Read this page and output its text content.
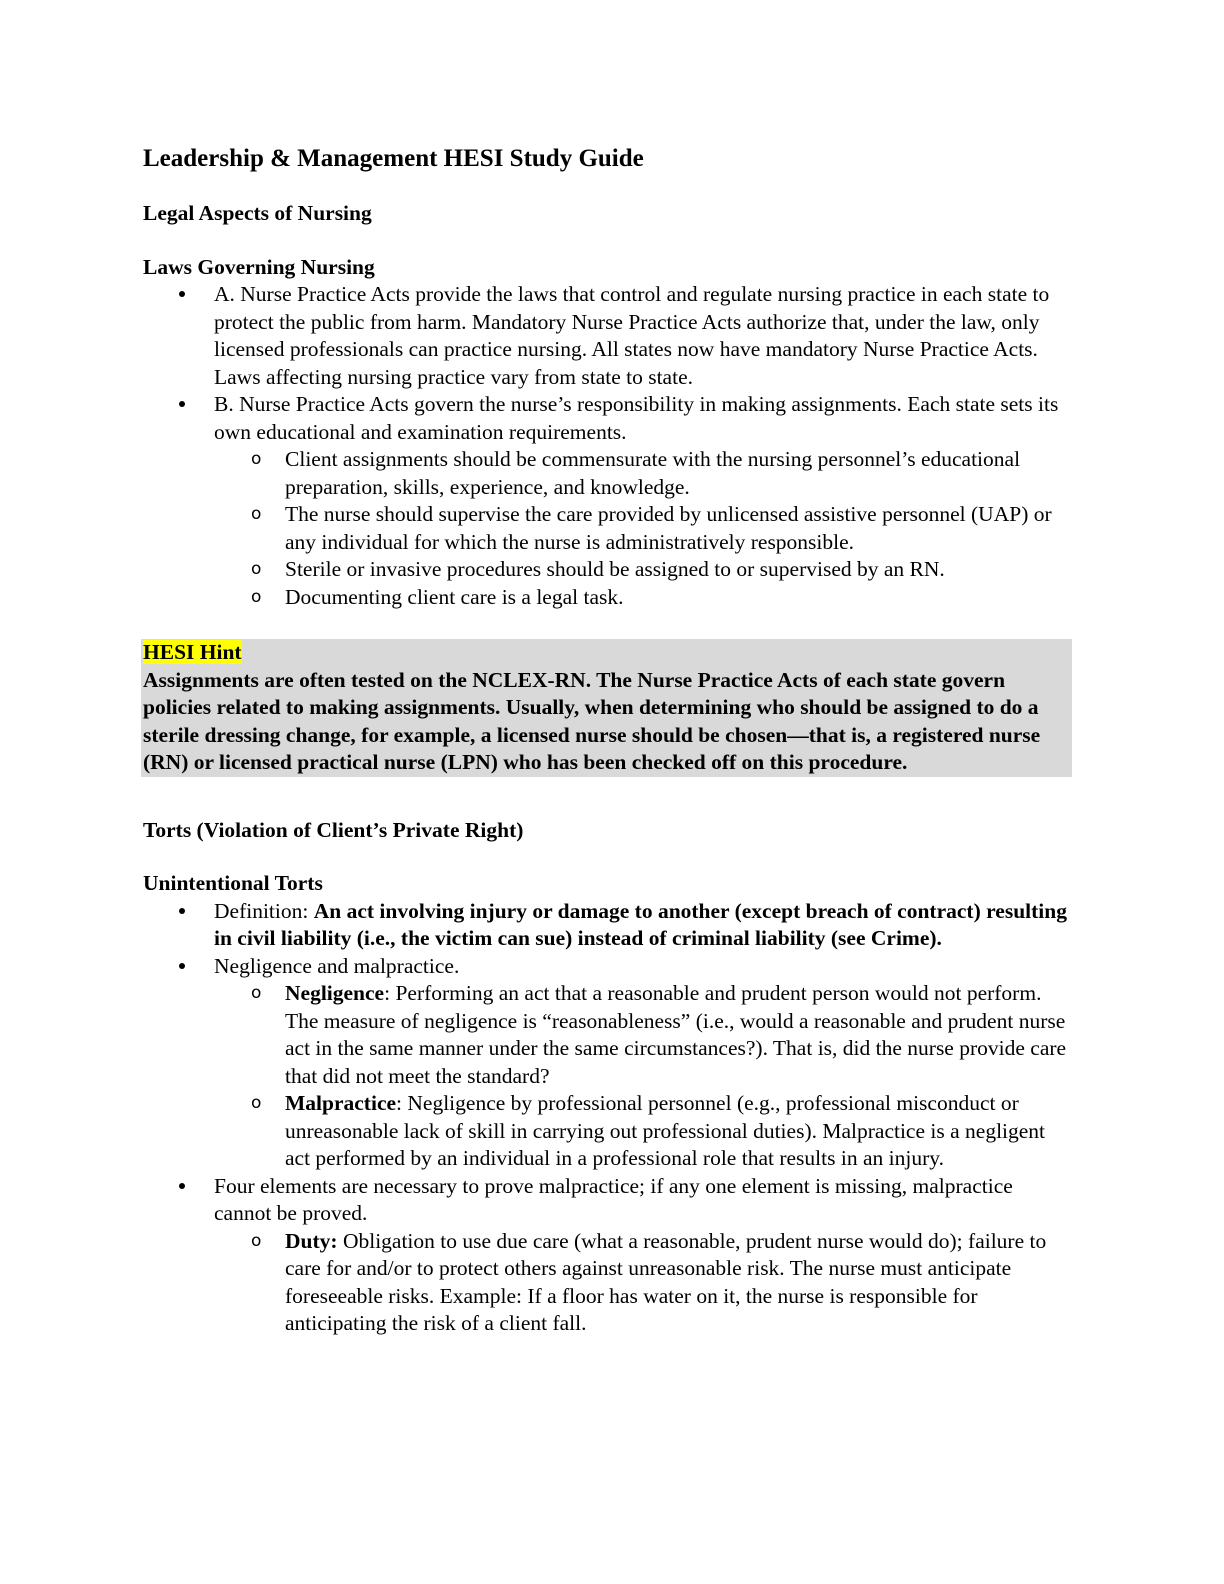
Leadership & Management HESI Study Guide
Legal Aspects of Nursing
Laws Governing Nursing
A. Nurse Practice Acts provide the laws that control and regulate nursing practice in each state to protect the public from harm. Mandatory Nurse Practice Acts authorize that, under the law, only licensed professionals can practice nursing. All states now have mandatory Nurse Practice Acts. Laws affecting nursing practice vary from state to state.
B. Nurse Practice Acts govern the nurse’s responsibility in making assignments. Each state sets its own educational and examination requirements.
o Client assignments should be commensurate with the nursing personnel’s educational preparation, skills, experience, and knowledge.
o The nurse should supervise the care provided by unlicensed assistive personnel (UAP) or any individual for which the nurse is administratively responsible.
o Sterile or invasive procedures should be assigned to or supervised by an RN.
o Documenting client care is a legal task.
HESI Hint
Assignments are often tested on the NCLEX-RN. The Nurse Practice Acts of each state govern policies related to making assignments. Usually, when determining who should be assigned to do a sterile dressing change, for example, a licensed nurse should be chosen—that is, a registered nurse (RN) or licensed practical nurse (LPN) who has been checked off on this procedure.
Torts (Violation of Client’s Private Right)
Unintentional Torts
Definition: An act involving injury or damage to another (except breach of contract) resulting in civil liability (i.e., the victim can sue) instead of criminal liability (see Crime).
Negligence and malpractice.
o Negligence: Performing an act that a reasonable and prudent person would not perform. The measure of negligence is “reasonableness” (i.e., would a reasonable and prudent nurse act in the same manner under the same circumstances?). That is, did the nurse provide care that did not meet the standard?
o Malpractice: Negligence by professional personnel (e.g., professional misconduct or unreasonable lack of skill in carrying out professional duties). Malpractice is a negligent act performed by an individual in a professional role that results in an injury.
Four elements are necessary to prove malpractice; if any one element is missing, malpractice cannot be proved.
o Duty: Obligation to use due care (what a reasonable, prudent nurse would do); failure to care for and/or to protect others against unreasonable risk. The nurse must anticipate foreseeable risks. Example: If a floor has water on it, the nurse is responsible for anticipating the risk of a client fall.
